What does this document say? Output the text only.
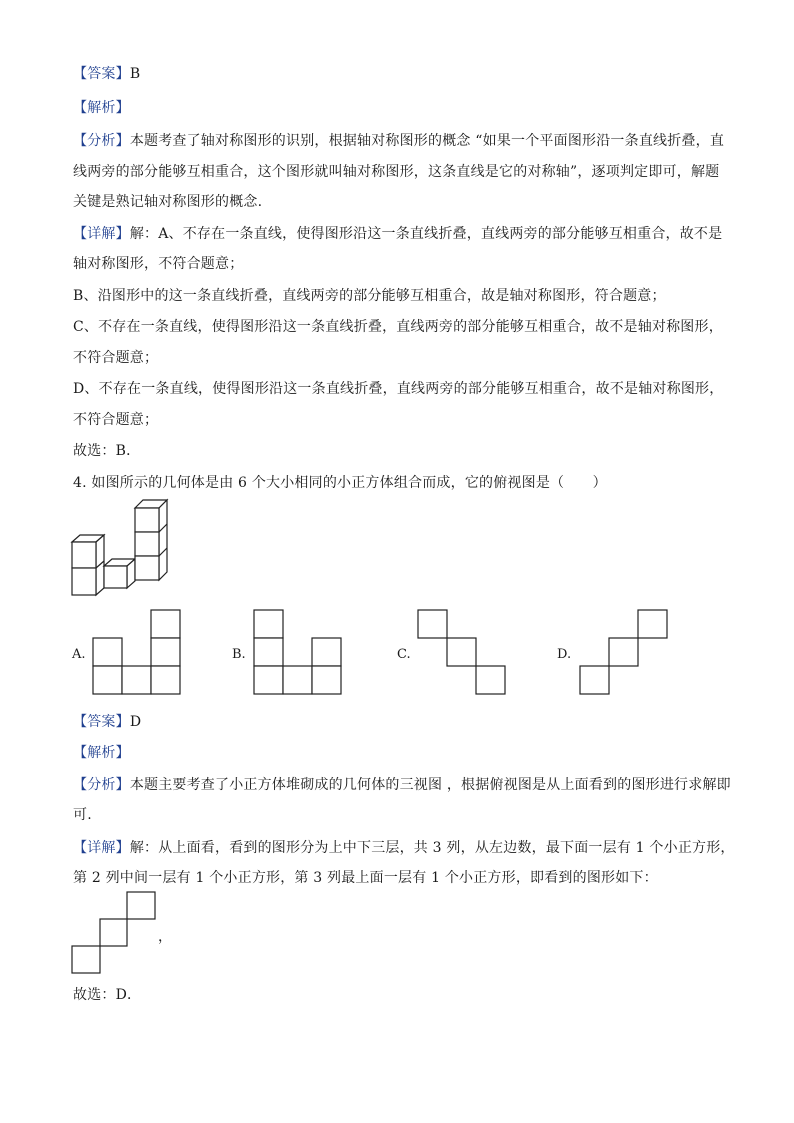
【答案】B
【解析】
【分析】本题考查了轴对称图形的识别，根据轴对称图形的概念 “如果一个平面图形沿一条直线折叠，直
线两旁的部分能够互相重合，这个图形就叫轴对称图形，这条直线是它的对称轴”，逐项判定即可，解题
关键是熟记轴对称图形的概念.
【详解】解：A、不存在一条直线，使得图形沿这一条直线折叠，直线两旁的部分能够互相重合，故不是
轴对称图形，不符合题意；
B、沿图形中的这一条直线折叠，直线两旁的部分能够互相重合，故是轴对称图形，符合题意；
C、不存在一条直线，使得图形沿这一条直线折叠，直线两旁的部分能够互相重合，故不是轴对称图形，
不符合题意；
D、不存在一条直线，使得图形沿这一条直线折叠，直线两旁的部分能够互相重合，故不是轴对称图形，
不符合题意；
故选：B．
4. 如图所示的几何体是由 6 个大小相同的小正方体组合而成，它的俯视图是（　　）
A.	B.	C.	D.
【答案】D
【解析】
【分析】本题主要考查了小正方体堆砌成的几何体的三视图 ，根据俯视图是从上面看到的图形进行求解即
可.
【详解】解：从上面看，看到的图形分为上中下三层，共 3 列，从左边数，最下面一层有 1 个小正方形，
第 2 列中间一层有 1 个小正方形，第 3 列最上面一层有 1 个小正方形，即看到的图形如下：
，
故选：D．
